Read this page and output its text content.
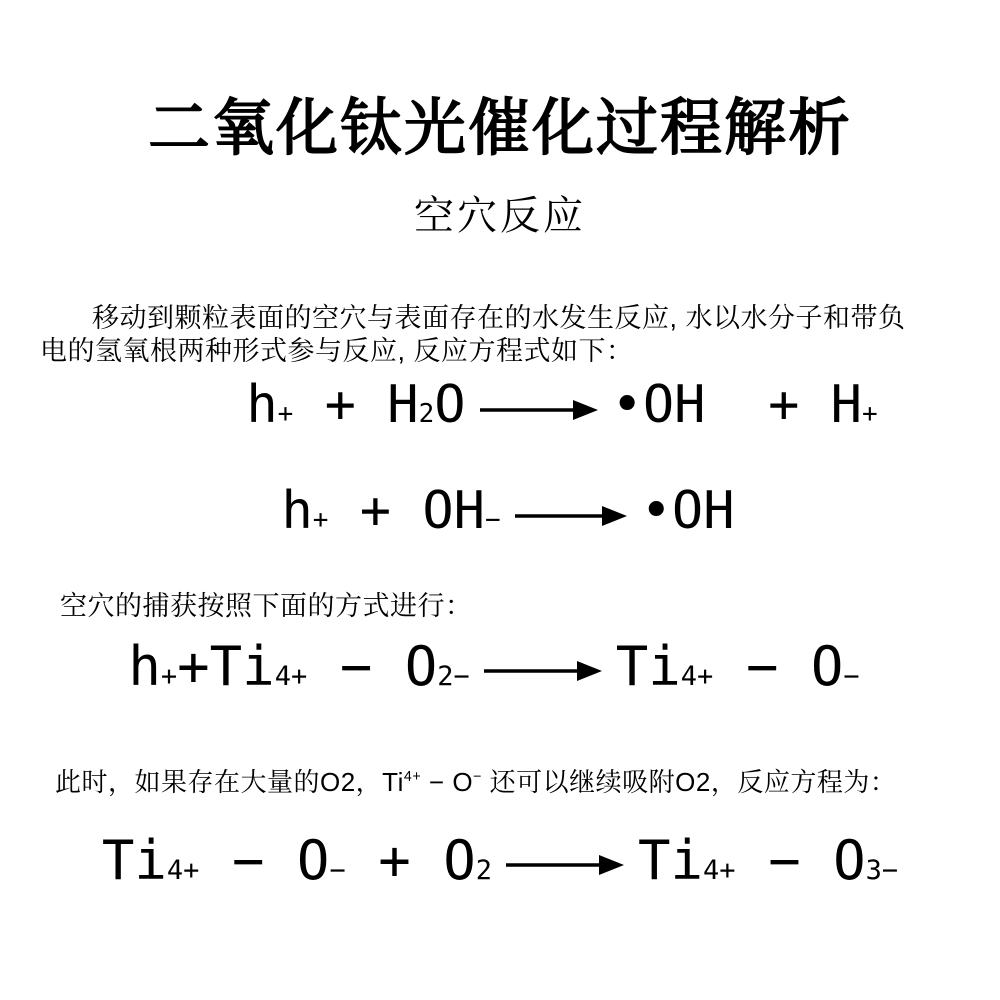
二氧化钛光催化过程解析
空穴反应
移动到颗粒表面的空穴与表面存在的水发生反应, 水以水分子和带负
电的氢氧根两种形式参与反应, 反应方程式如下：
h + + H 2 O	•OH  + H +
h + + OH −	•OH
空穴的捕获按照下面的方式进行：
h + +Ti 4+ − O 2−	Ti 4+ − O −
此时，如果存在大量的O2，$Ti^{4+} - O^-$ 还可以继续吸附O2，反应方程为：
Ti 4+ − O − + O 2	Ti 4+ − O 3 −
